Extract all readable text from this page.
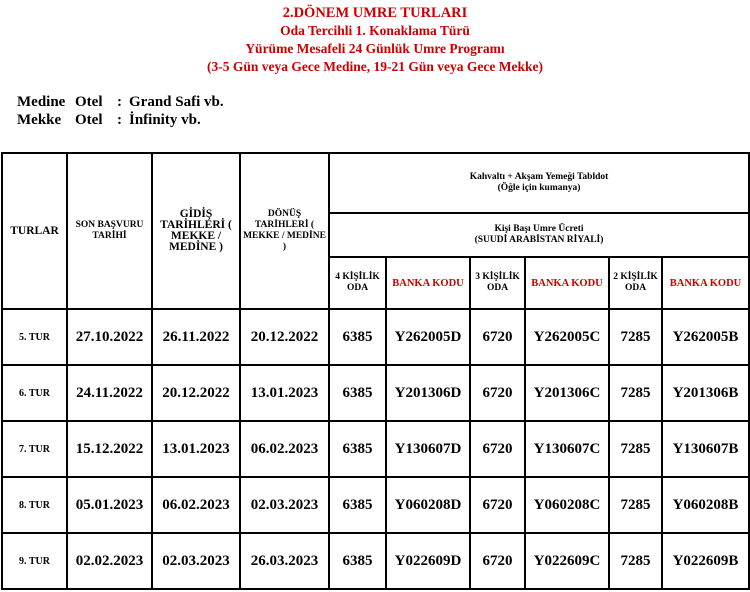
2.DÖNEM UMRE TURLARI
Oda Tercihli 1. Konaklama Türü
Yürüme Mesafeli 24 Günlük Umre Programı
(3-5 Gün veya Gece Medine, 19-21 Gün veya Gece Mekke)
Medine Otel : Grand Safi vb.
Mekke Otel : İnfinity vb.
TURLAR	SON BAŞVURU TARİHİ	GİDİŞ TARİHLERİ ( MEKKE / MEDİNE )	DÖNÜŞ TARİHLERİ ( MEKKE / MEDİNE )	Kahvaltı + Akşam Yemeği Tabldot
(Öğle için kumanya)					

				Kişi Başı Umre Ücreti
(SUUDİ ARABİSTAN RİYALİ)					

				4 KİŞİLİK ODA	BANKA KODU	3 KİŞİLİK ODA	BANKA KODU	2 KİŞİLİK ODA	BANKA KODU
5. TUR	27.10.2022	26.11.2022	20.12.2022	6385	Y262005D	6720	Y262005C	7285	Y262005B
6. TUR	24.11.2022	20.12.2022	13.01.2023	6385	Y201306D	6720	Y201306C	7285	Y201306B
7. TUR	15.12.2022	13.01.2023	06.02.2023	6385	Y130607D	6720	Y130607C	7285	Y130607B
8. TUR	05.01.2023	06.02.2023	02.03.2023	6385	Y060208D	6720	Y060208C	7285	Y060208B
9. TUR	02.02.2023	02.03.2023	26.03.2023	6385	Y022609D	6720	Y022609C	7285	Y022609B
